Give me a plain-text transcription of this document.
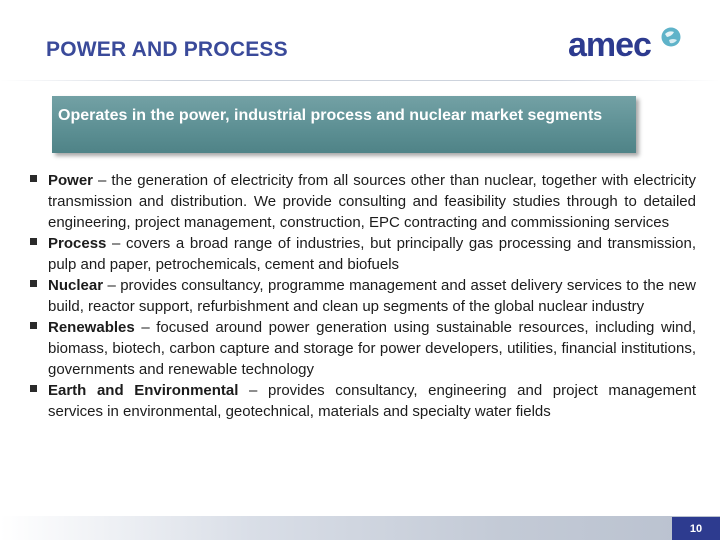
POWER AND PROCESS	amec
Operates in the power, industrial process and nuclear market segments
Power – the generation of electricity from all sources other than nuclear, together with electricity transmission and distribution. We provide consulting and feasibility studies through to detailed engineering, project management, construction, EPC contracting and commissioning services
Process – covers a broad range of industries, but principally gas processing and transmission, pulp and paper, petrochemicals, cement and biofuels
Nuclear – provides consultancy, programme management and asset delivery services to the new build, reactor support, refurbishment and clean up segments of the global nuclear industry
Renewables – focused around power generation using sustainable resources, including wind, biomass, biotech, carbon capture and storage for power developers, utilities, financial institutions, governments and renewable technology
Earth and Environmental – provides consultancy, engineering and project management services in environmental, geotechnical, materials and specialty water fields
10
